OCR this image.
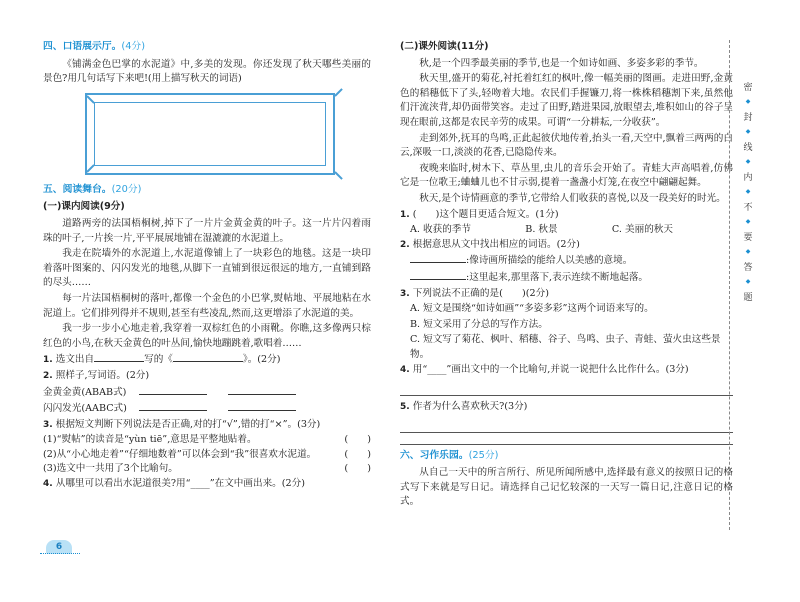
四、口语展示厅。(4分)

《铺满金色巴掌的水泥道》中,多美的发现。你还发现了秋天哪些美丽的景色?用几句话写下来吧!(用上描写秋天的词语)

五、阅读舞台。(20分)
(一)课内阅读(9分)

道路两旁的法国梧桐树,掉下了一片片金黄金黄的叶子。这一片片闪着雨珠的叶子,一片挨一片,平平展展地铺在湿漉漉的水泥道上。

我走在院墙外的水泥道上,水泥道像铺上了一块彩色的地毯。这是一块印着落叶图案的、闪闪发光的地毯,从脚下一直铺到很远很远的地方,一直铺到路的尽头……

每一片法国梧桐树的落叶,都像一个金色的小巴掌,熨帖地、平展地粘在水泥道上。它们排列得并不规则,甚至有些凌乱,然而,这更增添了水泥道的美。

我一步一步小心地走着,我穿着一双棕红色的小雨靴。你瞧,这多像两只棕红色的小鸟,在秋天金黄色的叶丛间,愉快地蹦跳着,歌唱着……

1. 选文出自	写的《	》。(2分)

2. 照样子,写词语。(2分)

金黄金黄(ABAB式)

闪闪发光(AABC式)

3. 根据短文判断下列说法是否正确,对的打“√”,错的打“×”。(3分)

(1)“熨帖”的读音是“yùn tiē”,意思是平整地贴着。	(　　)
(2)从“小心地走着”“仔细地数着”可以体会到“我”很喜欢水泥道。	(　　)
(3)选文中一共用了3个比喻句。	(　　)

4. 从哪里可以看出水泥道很美?用“____”在文中画出来。(2分)

(二)课外阅读(11分)

秋,是一个四季最美丽的季节,也是一个如诗如画、多姿多彩的季节。

秋天里,盛开的菊花,衬托着红红的枫叶,像一幅美丽的图画。走进田野,金黄色的稻穗低下了头,轻吻着大地。农民们手握镰刀,将一株株稻穗割下来,虽然他们汗流浃背,却仍面带笑容。走过了田野,踏进果园,放眼望去,堆积如山的谷子呈现在眼前,这都是农民辛劳的成果。可谓“一分耕耘,一分收获”。

走到郊外,抚耳的鸟鸣,正此起彼伏地传着,抬头一看,天空中,飘着三两两的白云,深吸一口,淡淡的花香,已隐隐传来。

夜晚来临时,树木下、草丛里,虫儿的音乐会开始了。青蛙大声高唱着,仿佛它是一位歌王;蛐蛐儿也不甘示弱,提着一盏盏小灯笼,在夜空中翩翩起舞。

秋天,是个诗情画意的季节,它带给人们收获的喜悦,以及一段美好的时光。

1. (　　)这个题目更适合短文。(1分)

A. 收获的季节	B. 秋景	C. 美丽的秋天

2. 根据意思从文中找出相应的词语。(2分)

:像诗画所描绘的能给人以美感的意境。

:这里起来,那里落下,表示连续不断地起落。

3. 下列说法不正确的是(　　)(2分)

A. 短文是围绕“如诗如画”“多姿多彩”这两个词语来写的。

B. 短文采用了分总的写作方法。

C. 短文写了菊花、枫叶、稻穗、谷子、鸟鸣、虫子、青蛙、萤火虫这些景物。

4. 用“____”画出文中的一个比喻句,并说一说把什么比作什么。(3分)

5. 作者为什么喜欢秋天?(3分)

六、习作乐园。(25分)

从自己一天中的所言所行、所见所闻所感中,选择最有意义的按照日记的格式写下来就是写日记。请选择自己记忆较深的一天写一篇日记,注意日记的格式。

密
◆
封
◆
线
◆
内
◆
不
◆
要
◆
答
◆
题
6
